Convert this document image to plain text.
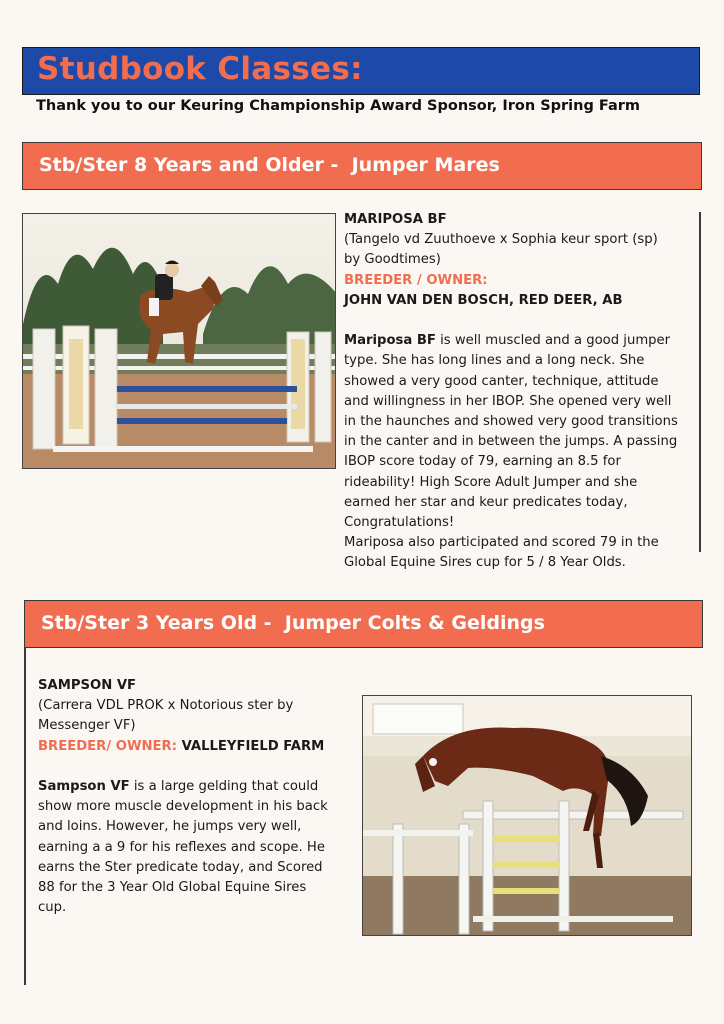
Studbook Classes:
Thank you to our Keuring Championship Award Sponsor, Iron Spring Farm
Stb/Ster 8 Years and Older -  Jumper Mares
MARIPOSA BF
(Tangelo vd Zuuthoeve x Sophia keur sport (sp)
by Goodtimes)
BREEDER / OWNER:
JOHN VAN DEN BOSCH, RED DEER, AB

Mariposa BF is well muscled and a good jumper
type. She has long lines and a long neck. She
showed a very good canter, technique, attitude
and willingness in her IBOP. She opened very well
in the haunches and showed very good transitions
in the canter and in between the jumps. A passing
IBOP score today of 79, earning an 8.5 for
rideability! High Score Adult Jumper and she
earned her star and keur predicates today,
Congratulations!
Mariposa also participated and scored 79 in the
Global Equine Sires cup for 5 / 8 Year Olds.
Stb/Ster 3 Years Old -  Jumper Colts & Geldings
SAMPSON VF
(Carrera VDL PROK x Notorious ster by
Messenger VF)
BREEDER/ OWNER: VALLEYFIELD FARM

Sampson VF is a large gelding that could
show more muscle development in his back
and loins. However, he jumps very well,
earning a a 9 for his reflexes and scope. He
earns the Ster predicate today, and Scored
88 for the 3 Year Old Global Equine Sires
cup.
